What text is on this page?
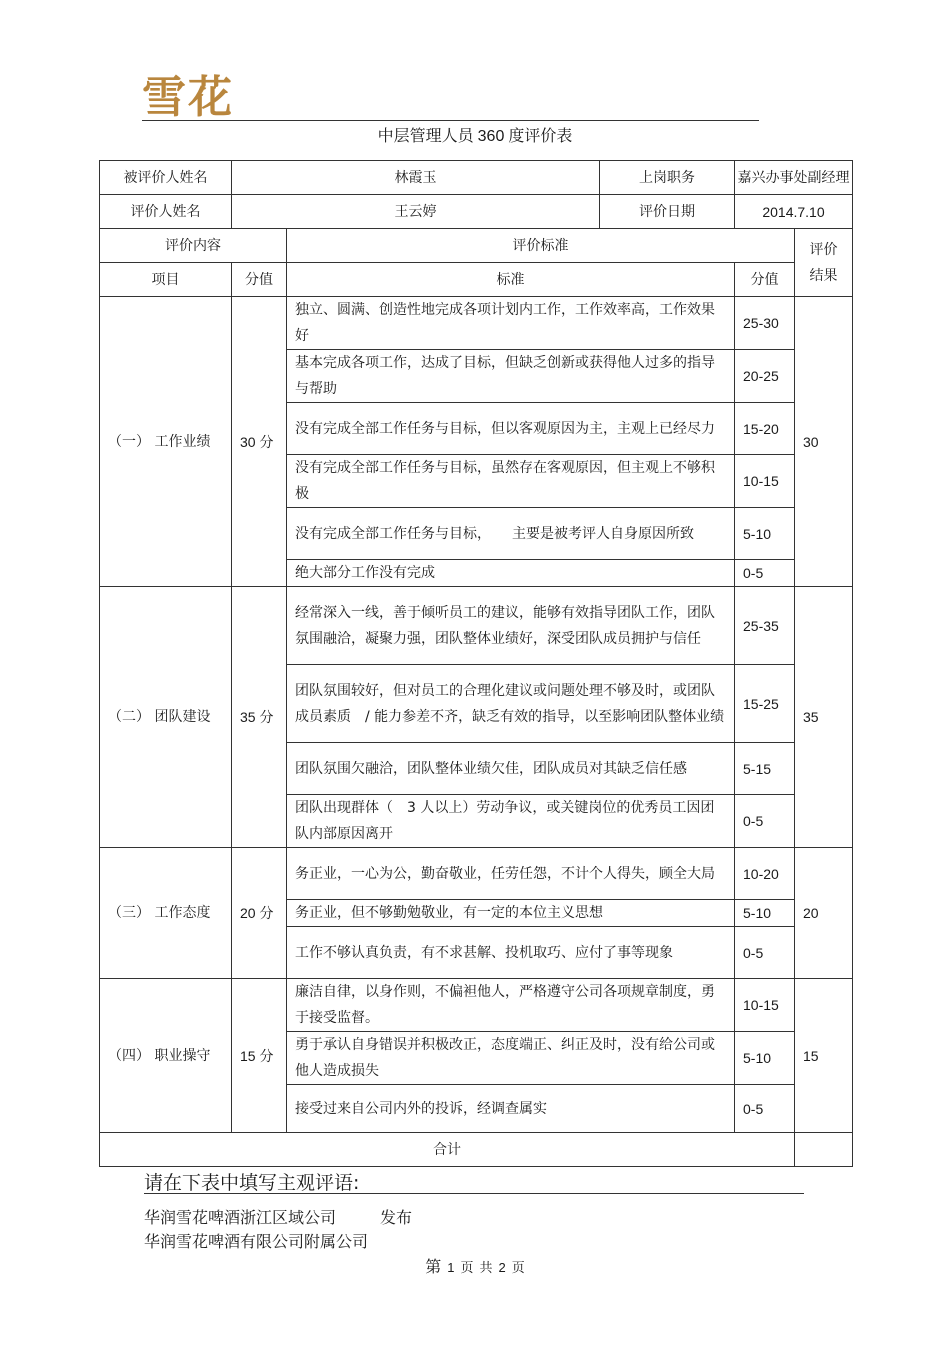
雪花
中层管理人员 360 度评价表
被评价人姓名	林霞玉		上岗职务	嘉兴办事处副经理	
评价人姓名	王云婷		评价日期	2014.7.10	
评价内容		评价标准			评价结果
项目	分值	标准		分值	
（一） 工作业绩	30 分	独立、圆满、创造性地完成各项计划内工作，工作效率高，工作效果好		25-30	30
		基本完成各项工作，达成了目标，但缺乏创新或获得他人过多的指导与帮助		20-25	
		没有完成全部工作任务与目标，但以客观原因为主，主观上已经尽力		15-20	
		没有完成全部工作任务与目标，虽然存在客观原因，但主观上不够积极		10-15	
		没有完成全部工作任务与目标，　　主要是被考评人自身原因所致		5-10	
		绝大部分工作没有完成		0-5	
（二） 团队建设	35 分	经常深入一线，善于倾听员工的建议，能够有效指导团队工作，团队氛围融洽，凝聚力强，团队整体业绩好，深受团队成员拥护与信任		25-35	35
		团队氛围较好，但对员工的合理化建议或问题处理不够及时，或团队成员素质　/ 能力参差不齐，缺乏有效的指导，以至影响团队整体业绩		15-25	
		团队氛围欠融洽，团队整体业绩欠佳，团队成员对其缺乏信任感		5-15	
		团队出现群体（　3 人以上）劳动争议，或关键岗位的优秀员工因团队内部原因离开		0-5	
（三） 工作态度	20 分	务正业，一心为公，勤奋敬业，任劳任怨，不计个人得失，顾全大局		10-20	20
		务正业，但不够勤勉敬业，有一定的本位主义思想		5-10	
		工作不够认真负责，有不求甚解、投机取巧、应付了事等现象		0-5	
（四） 职业操守	15 分	廉洁自律，以身作则，不偏袒他人，严格遵守公司各项规章制度，勇于接受监督。		10-15	15
		勇于承认自身错误并积极改正，态度端正、纠正及时，没有给公司或他人造成损失		5-10	
		接受过来自公司内外的投诉，经调查属实		0-5	
合计					
请在下表中填写主观评语:
华润雪花啤酒浙江区域公司	发布
华润雪花啤酒有限公司附属公司
第 1 页 共 2 页
